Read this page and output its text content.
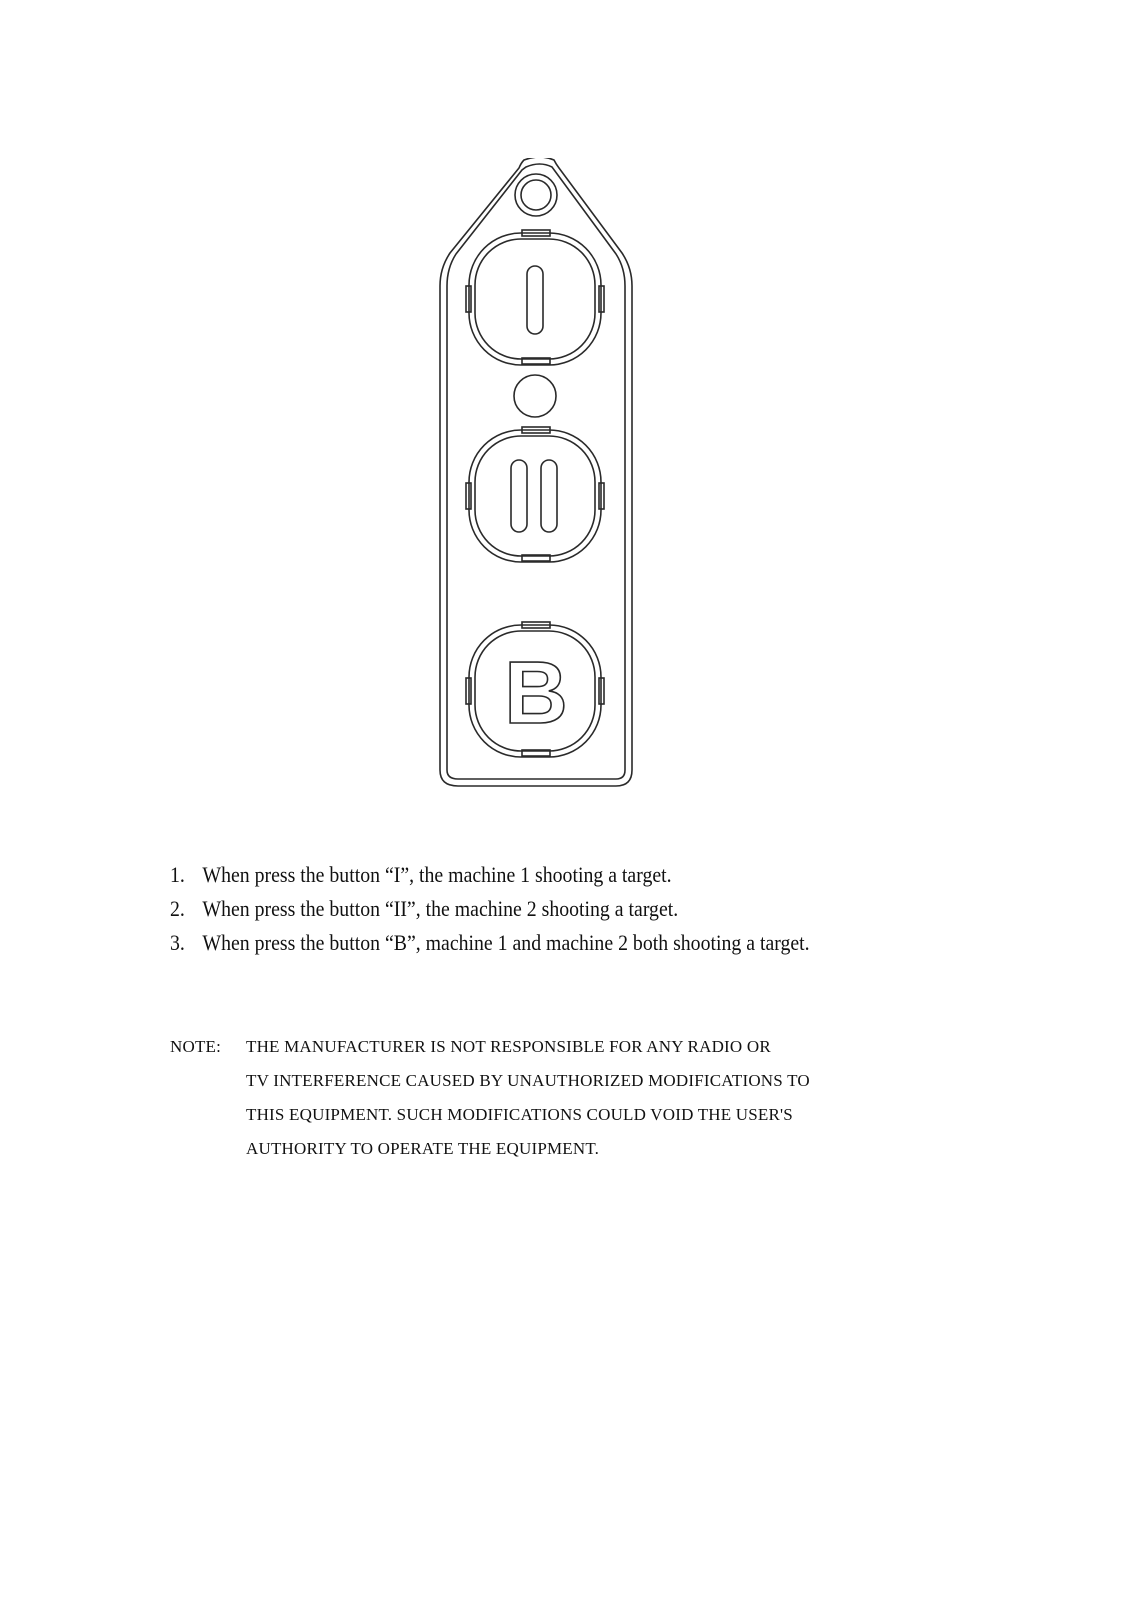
B
1. When press the button “I”, the machine 1 shooting a target.
2. When press the button “II”, the machine 2 shooting a target.
3. When press the button “B”, machine 1 and machine 2 both shooting a target.
NOTE: THE MANUFACTURER IS NOT RESPONSIBLE FOR ANY RADIO OR
TV INTERFERENCE CAUSED BY UNAUTHORIZED MODIFICATIONS TO
THIS EQUIPMENT. SUCH MODIFICATIONS COULD VOID THE USER'S
AUTHORITY TO OPERATE THE EQUIPMENT.
